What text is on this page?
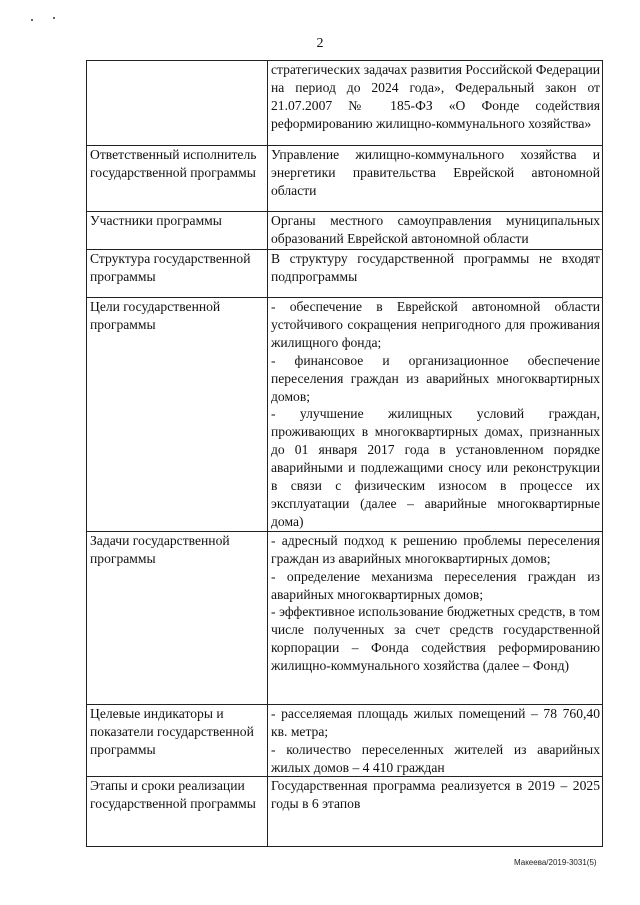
2

	стратегических задачах развития Российской Федерации на период до 2024 года», Федеральный закон от 21.07.2007 № 185-ФЗ «О Фонде содействия реформированию жилищно-коммунального хозяйства»

Ответственный исполнитель государственной программы	Управление жилищно-коммунального хозяйства и энергетики правительства Еврейской автономной области

Участники программы	Органы местного самоуправления муниципальных образований Еврейской автономной области

Структура государственной программы	В структуру государственной программы не входят подпрограммы

Цели государственной программы	- обеспечение в Еврейской автономной области устойчивого сокращения непригодного для проживания жилищного фонда;

- финансовое и организационное обеспечение переселения граждан из аварийных многоквартирных домов;

- улучшение жилищных условий граждан, проживающих в многоквартирных домах, признанных до 01 января 2017 года в установленном порядке аварийными и подлежащими сносу или реконструкции в связи с физическим износом в процессе их эксплуатации (далее – аварийные многоквартирные дома)

Задачи государственной программы	- адресный подход к решению проблемы переселения граждан из аварийных многоквартирных домов;

- определение механизма переселения граждан из аварийных многоквартирных домов;

- эффективное использование бюджетных средств, в том числе полученных за счет средств государственной корпорации – Фонда содействия реформированию жилищно-коммунального хозяйства (далее – Фонд)

Целевые индикаторы и показатели государственной программы	- расселяемая площадь жилых помещений – 78 760,40 кв. метра;

- количество переселенных жителей из аварийных жилых домов – 4 410 граждан

Этапы и сроки реализации государственной программы	Государственная программа реализуется в 2019 – 2025 годы в 6 этапов

Макеева/2019-3031(5)
